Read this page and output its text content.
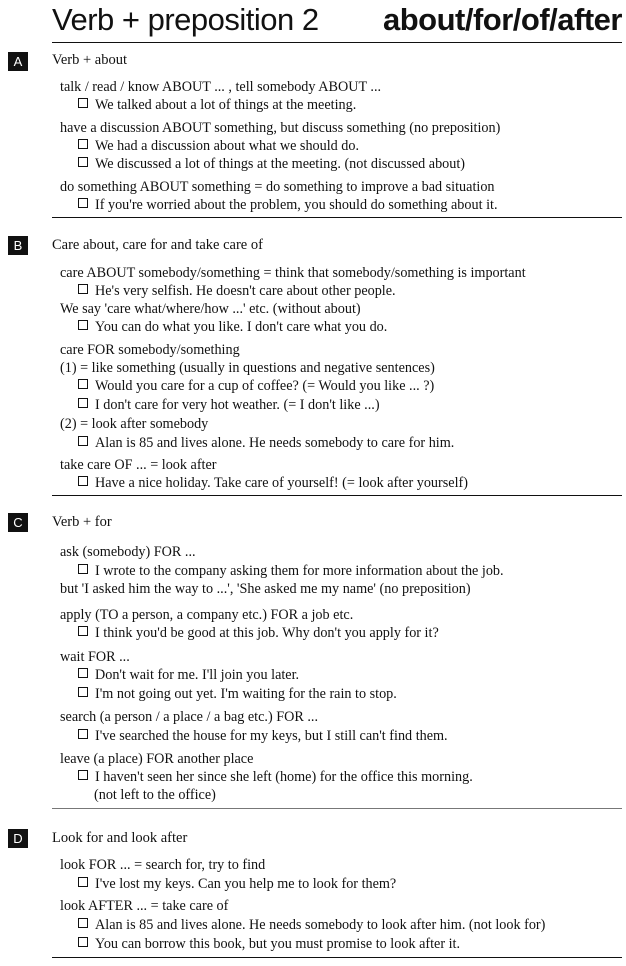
Verb + preposition 2 about/for/of/after
A	Verb + about
talk / read / know ABOUT ... , tell somebody ABOUT ...
We talked about a lot of things at the meeting.
have a discussion ABOUT something, but discuss something (no preposition)
We had a discussion about what we should do.
We discussed a lot of things at the meeting. (not discussed about)
do something ABOUT something = do something to improve a bad situation
If you're worried about the problem, you should do something about it.
B	Care about, care for and take care of
care ABOUT somebody/something = think that somebody/something is important
He's very selfish. He doesn't care about other people.
We say 'care what/where/how ...' etc. (without about)
You can do what you like. I don't care what you do.
care FOR somebody/something
(1) = like something (usually in questions and negative sentences)
Would you care for a cup of coffee? (= Would you like ... ?)
I don't care for very hot weather. (= I don't like ...)
(2) = look after somebody
Alan is 85 and lives alone. He needs somebody to care for him.
take care OF ... = look after
Have a nice holiday. Take care of yourself! (= look after yourself)
C	Verb + for
ask (somebody) FOR ...
I wrote to the company asking them for more information about the job.
but 'I asked him the way to ...', 'She asked me my name' (no preposition)
apply (TO a person, a company etc.) FOR a job etc.
I think you'd be good at this job. Why don't you apply for it?
wait FOR ...
Don't wait for me. I'll join you later.
I'm not going out yet. I'm waiting for the rain to stop.
search (a person / a place / a bag etc.) FOR ...
I've searched the house for my keys, but I still can't find them.
leave (a place) FOR another place
I haven't seen her since she left (home) for the office this morning.
(not left to the office)
D	Look for and look after
look FOR ... = search for, try to find
I've lost my keys. Can you help me to look for them?
look AFTER ... = take care of
Alan is 85 and lives alone. He needs somebody to look after him. (not look for)
You can borrow this book, but you must promise to look after it.
